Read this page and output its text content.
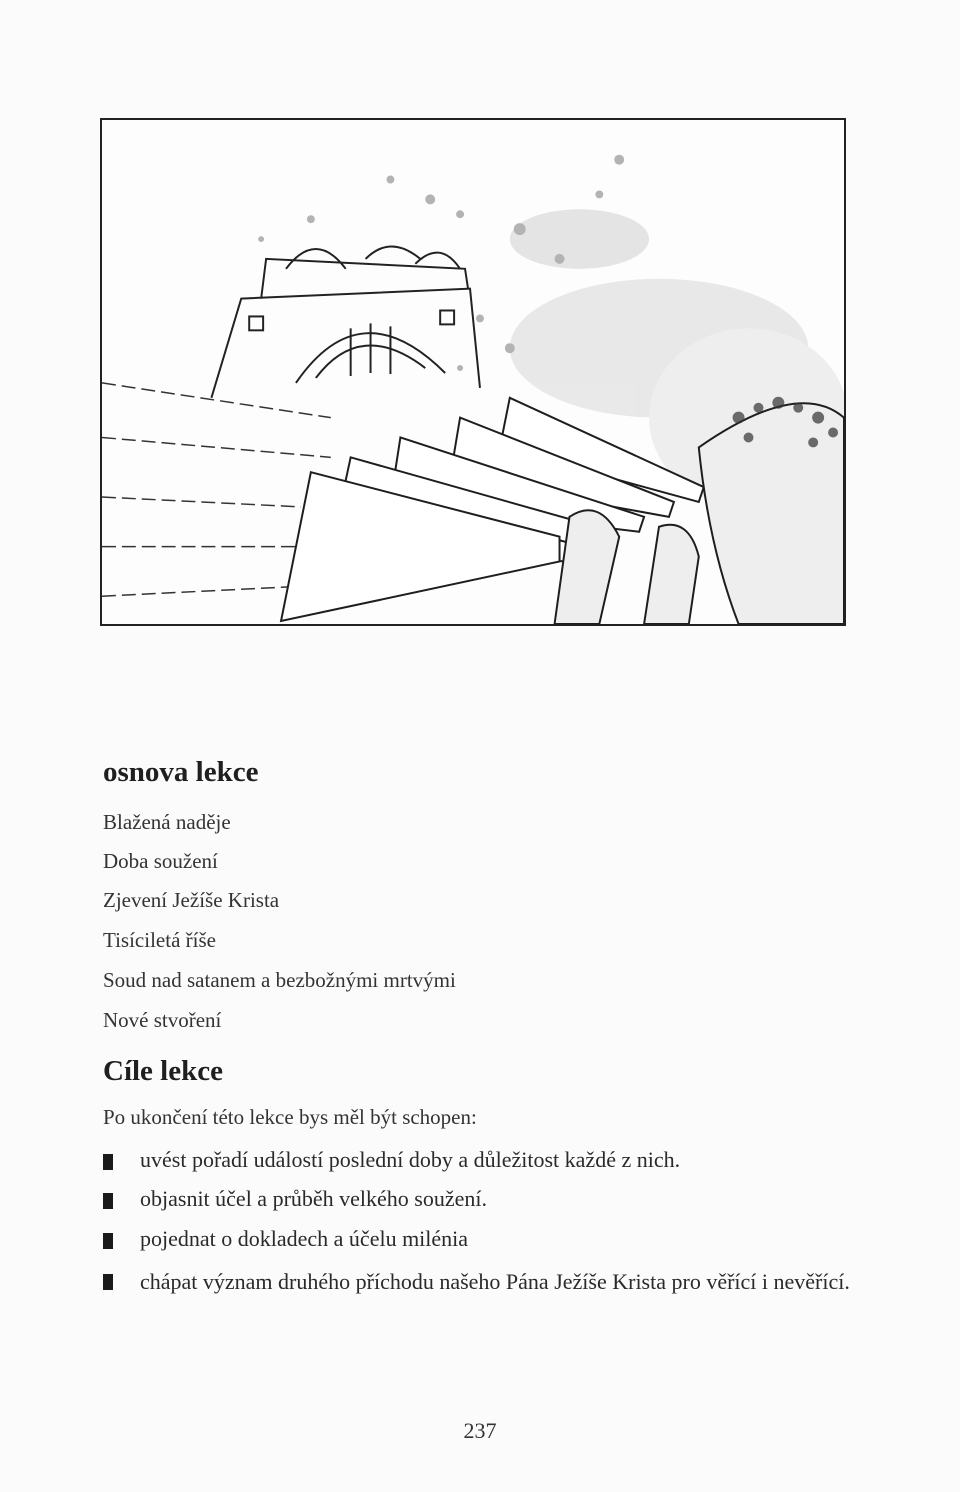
osnova lekce
Blažená naděje
Doba soužení
Zjevení Ježíše Krista
Tisíciletá říše
Soud nad satanem a bezbožnými mrtvými
Nové stvoření
Cíle lekce
Po ukončení této lekce bys měl být schopen:
uvést pořadí událostí poslední doby a důležitost každé z nich.
objasnit účel a průběh velkého soužení.
pojednat o dokladech a účelu milénia
chápat význam druhého příchodu našeho Pána Ježíše Krista pro věřící i nevěřící.
237
